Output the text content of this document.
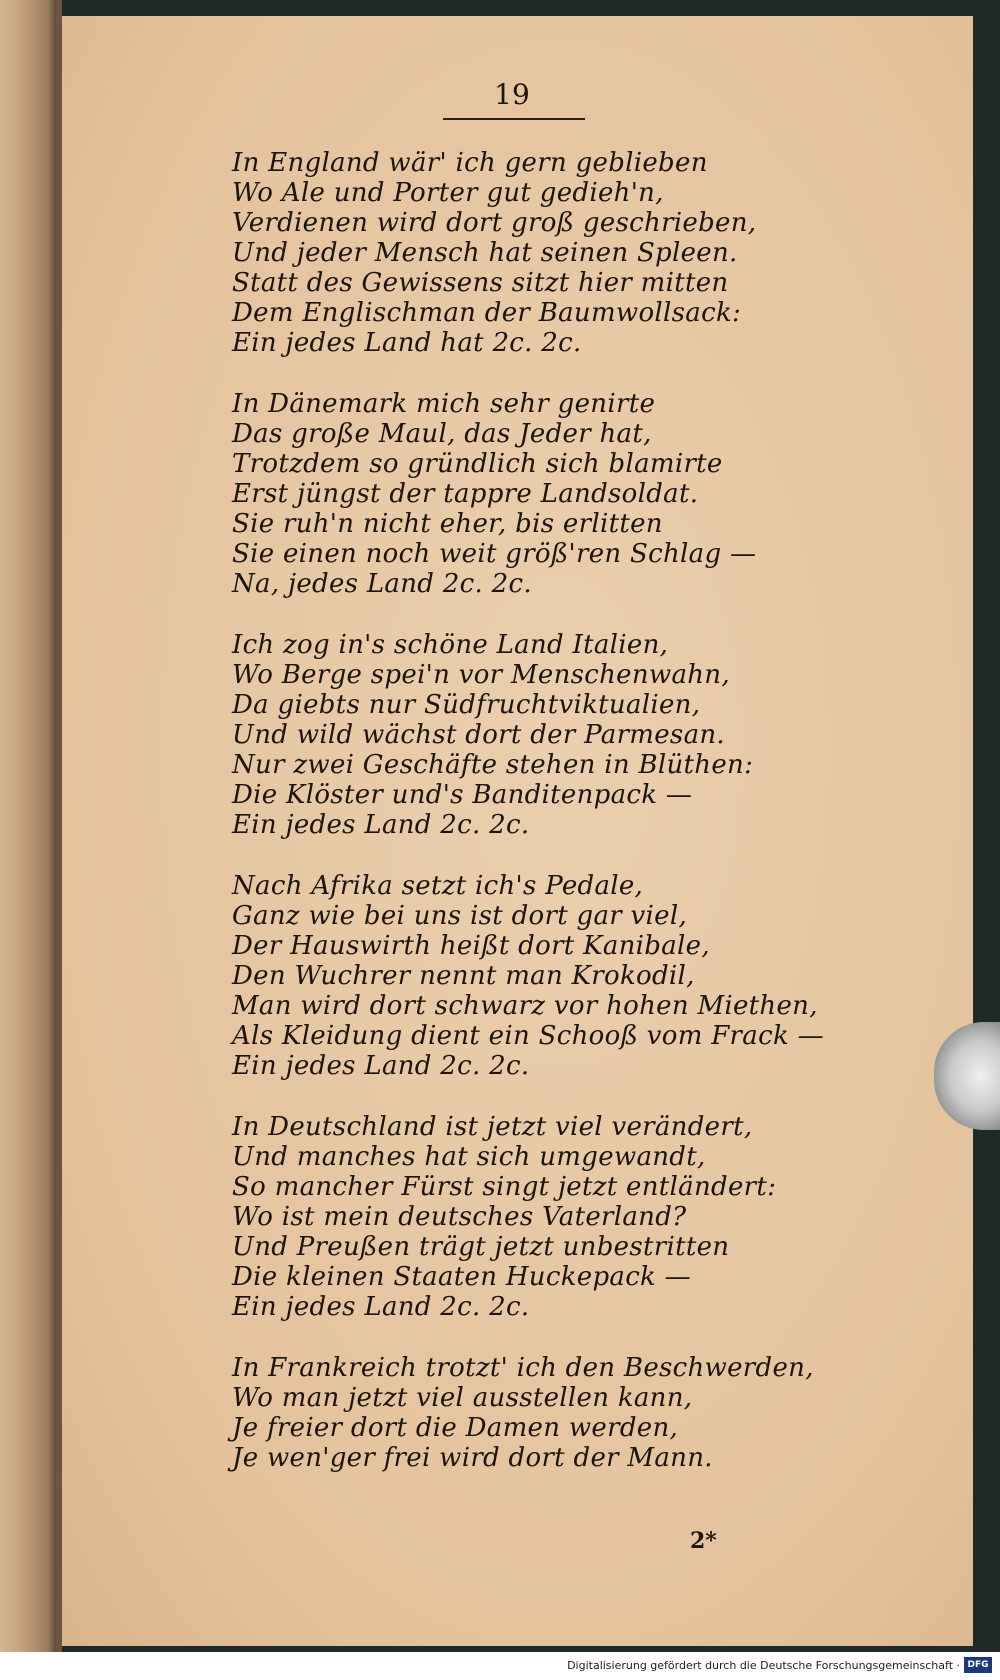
19
In England wär' ich gern geblieben
Wo Ale und Porter gut gedieh'n,
Verdienen wird dort groß geschrieben,
Und jeder Mensch hat seinen Spleen.
Statt des Gewissens sitzt hier mitten
Dem Englischman der Baumwollsack:
Ein jedes Land hat 2c. 2c.
In Dänemark mich sehr genirte
Das große Maul, das Jeder hat,
Trotzdem so gründlich sich blamirte
Erst jüngst der tappre Landsoldat.
Sie ruh'n nicht eher, bis erlitten
Sie einen noch weit größ'ren Schlag —
Na, jedes Land 2c. 2c.
Ich zog in's schöne Land Italien,
Wo Berge spei'n vor Menschenwahn,
Da giebts nur Südfruchtviktualien,
Und wild wächst dort der Parmesan.
Nur zwei Geschäfte stehen in Blüthen:
Die Klöster und's Banditenpack —
Ein jedes Land 2c. 2c.
Nach Afrika setzt ich's Pedale,
Ganz wie bei uns ist dort gar viel,
Der Hauswirth heißt dort Kanibale,
Den Wuchrer nennt man Krokodil,
Man wird dort schwarz vor hohen Miethen,
Als Kleidung dient ein Schooß vom Frack —
Ein jedes Land 2c. 2c.
In Deutschland ist jetzt viel verändert,
Und manches hat sich umgewandt,
So mancher Fürst singt jetzt entländert:
Wo ist mein deutsches Vaterland?
Und Preußen trägt jetzt unbestritten
Die kleinen Staaten Huckepack —
Ein jedes Land 2c. 2c.
In Frankreich trotzt' ich den Beschwerden,
Wo man jetzt viel ausstellen kann,
Je freier dort die Damen werden,
Je wen'ger frei wird dort der Mann.
2*
Digitalisierung gefördert durch die Deutsche Forschungsgemeinschaft · DFG
